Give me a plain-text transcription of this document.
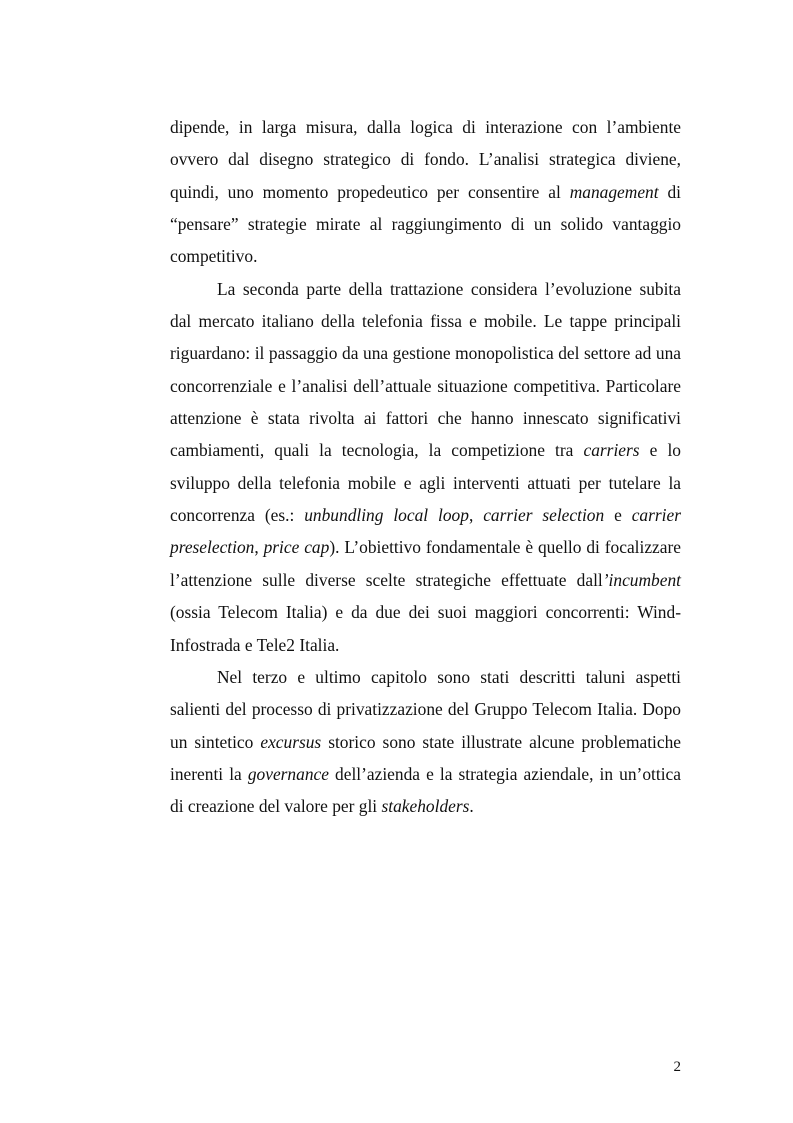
dipende, in larga misura, dalla logica di interazione con l’ambiente ovvero dal disegno strategico di fondo. L’analisi strategica diviene, quindi, uno momento propedeutico per consentire al management di “pensare” strategie mirate al raggiungimento di un solido vantaggio competitivo.

La seconda parte della trattazione considera l’evoluzione subita dal mercato italiano della telefonia fissa e mobile. Le tappe principali riguardano: il passaggio da una gestione monopolistica del settore ad una concorrenziale e l’analisi dell’attuale situazione competitiva. Particolare attenzione è stata rivolta ai fattori che hanno innescato significativi cambiamenti, quali la tecnologia, la competizione tra carriers e lo sviluppo della telefonia mobile e agli interventi attuati per tutelare la concorrenza (es.: unbundling local loop, carrier selection e carrier preselection, price cap). L’obiettivo fondamentale è quello di focalizzare l’attenzione sulle diverse scelte strategiche effettuate dall’incumbent (ossia Telecom Italia) e da due dei suoi maggiori concorrenti: Wind- Infostrada e Tele2 Italia.

Nel terzo e ultimo capitolo sono stati descritti taluni aspetti salienti del processo di privatizzazione del Gruppo Telecom Italia. Dopo un sintetico excursus storico sono state illustrate alcune problematiche inerenti la governance dell’azienda e la strategia aziendale, in un’ottica di creazione del valore per gli stakeholders.

2
